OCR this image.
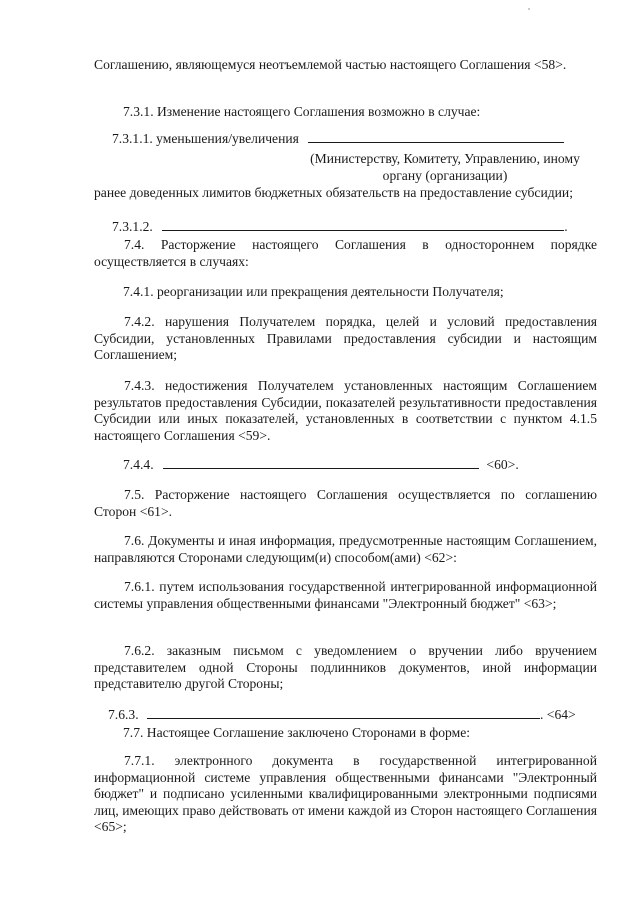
Соглашению, являющемуся неотъемлемой частью настоящего Соглашения <58>.

7.3.1. Изменение настоящего Соглашения возможно в случае:

7.3.1.1. уменьшения/увеличения

(Министерству, Комитету, Управлению, иному

органу (организации)

ранее доведенных лимитов бюджетных обязательств на предоставление субсидии;

7.3.1.2.	.

7.4. Расторжение настоящего Соглашения в одностороннем порядке осуществляется в случаях:

7.4.1. реорганизации или прекращения деятельности Получателя;

7.4.2. нарушения Получателем порядка, целей и условий предоставления Субсидии, установленных Правилами предоставления субсидии и настоящим Соглашением;

7.4.3. недостижения Получателем установленных настоящим Соглашением результатов предоставления Субсидии, показателей результативности предоставления Субсидии или иных показателей, установленных в соответствии с пунктом 4.1.5 настоящего Соглашения <59>.

7.4.4.	<60>.

7.5. Расторжение настоящего Соглашения осуществляется по соглашению Сторон <61>.

7.6. Документы и иная информация, предусмотренные настоящим Соглашением, направляются Сторонами следующим(и) способом(ами) <62>:

7.6.1. путем использования государственной интегрированной информационной системы управления общественными финансами "Электронный бюджет" <63>;

7.6.2. заказным письмом с уведомлением о вручении либо вручением представителем одной Стороны подлинников документов, иной информации представителю другой Стороны;

7.6.3.	. <64>

7.7. Настоящее Соглашение заключено Сторонами в форме:

7.7.1. электронного документа в государственной интегрированной информационной системе управления общественными финансами "Электронный бюджет" и подписано усиленными квалифицированными электронными подписями лиц, имеющих право действовать от имени каждой из Сторон настоящего Соглашения <65>;
